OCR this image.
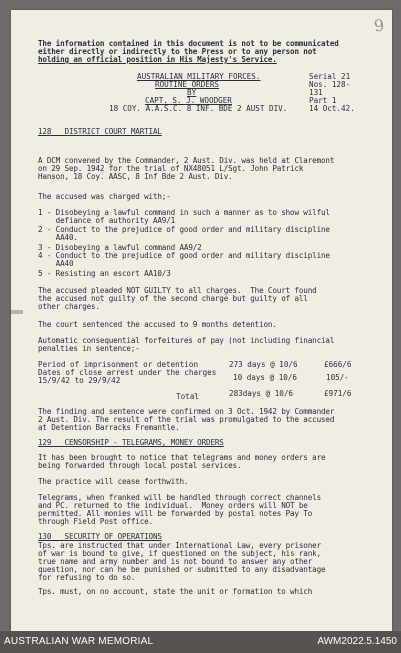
9
The information contained in this document is not to be communicated
either directly or indirectly to the Press or to any person not
holding an official position in His Majesty's Service.
AUSTRALIAN MILITARY FORCES.
ROUTINE ORDERS
BY
CAPT. S. J. WOODGER
18 COY. A.A.S.C. 8 INF. BDE 2 AUST DIV.
Serial 21
Nos. 128-
131
Part 1
14 Oct.42.
128   DISTRICT COURT MARTIAL
A DCM convened by the Commander, 2 Aust. Div. was held at Claremont
on 29 Sep. 1942 for the trial of NX48051 L/Sgt. John Patrick
Hanson, 18 Coy. AASC, 8 Inf Bde 2 Aust. Div.
The accused was charged with;-
1 - Disobeying a lawful command in such a manner as to show wilful
defiance of authority AA9/1
2 - Conduct to the prejudice of good order and military discipline
AA40.
3 - Disobeying a lawful command AA9/2
4 - Conduct to the prejudice of good order and military discipline
AA40
5 - Resisting an escort AA10/3
The accused pleaded NOT GUILTY to all charges.  The Court found
the accused not guilty of the second charge but guilty of all
other charges.
The court sentenced the accused to 9 months detention.
Automatic consequential forfeitures of pay (not including financial
penalties in sentence;-
Period of imprisonment or detention	273 days @ 10/6	£666/6
Dates of close arrest under the charges
15/9/42 to 29/9/42	10 days @ 10/6	105/-
Total	283days @ 10/6	£971/6
The finding and sentence were confirmed on 3 Oct. 1942 by Commander
2 Aust. Div. The result of the trial was promulgated to the accused
at Detention Barracks Fremantle.
129   CENSORSHIP - TELEGRAMS, MONEY ORDERS
It has been brought to notice that telegrams and money orders are
being forwarded through local postal services.
The practice will cease forthwith.
Telegrams, when franked will be handled through correct channels
and PC. returned to the individual.  Money orders will NOT be
permitted. All monies will be forwarded by postal notes Pay To
through Field Post office.
130   SECURITY OF OPERATIONS
Tps. are instructed that under International Law, every prisoner
of war is bound to give, if questioned on the subject, his rank,
true name and army number and is not bound to answer any other
question, nor can he be punished or submitted to any disadvantage
for refusing to do so.
Tps. must, on no account, state the unit or formation to which
AUSTRALIAN WAR MEMORIAL	AWM2022.5.1450
